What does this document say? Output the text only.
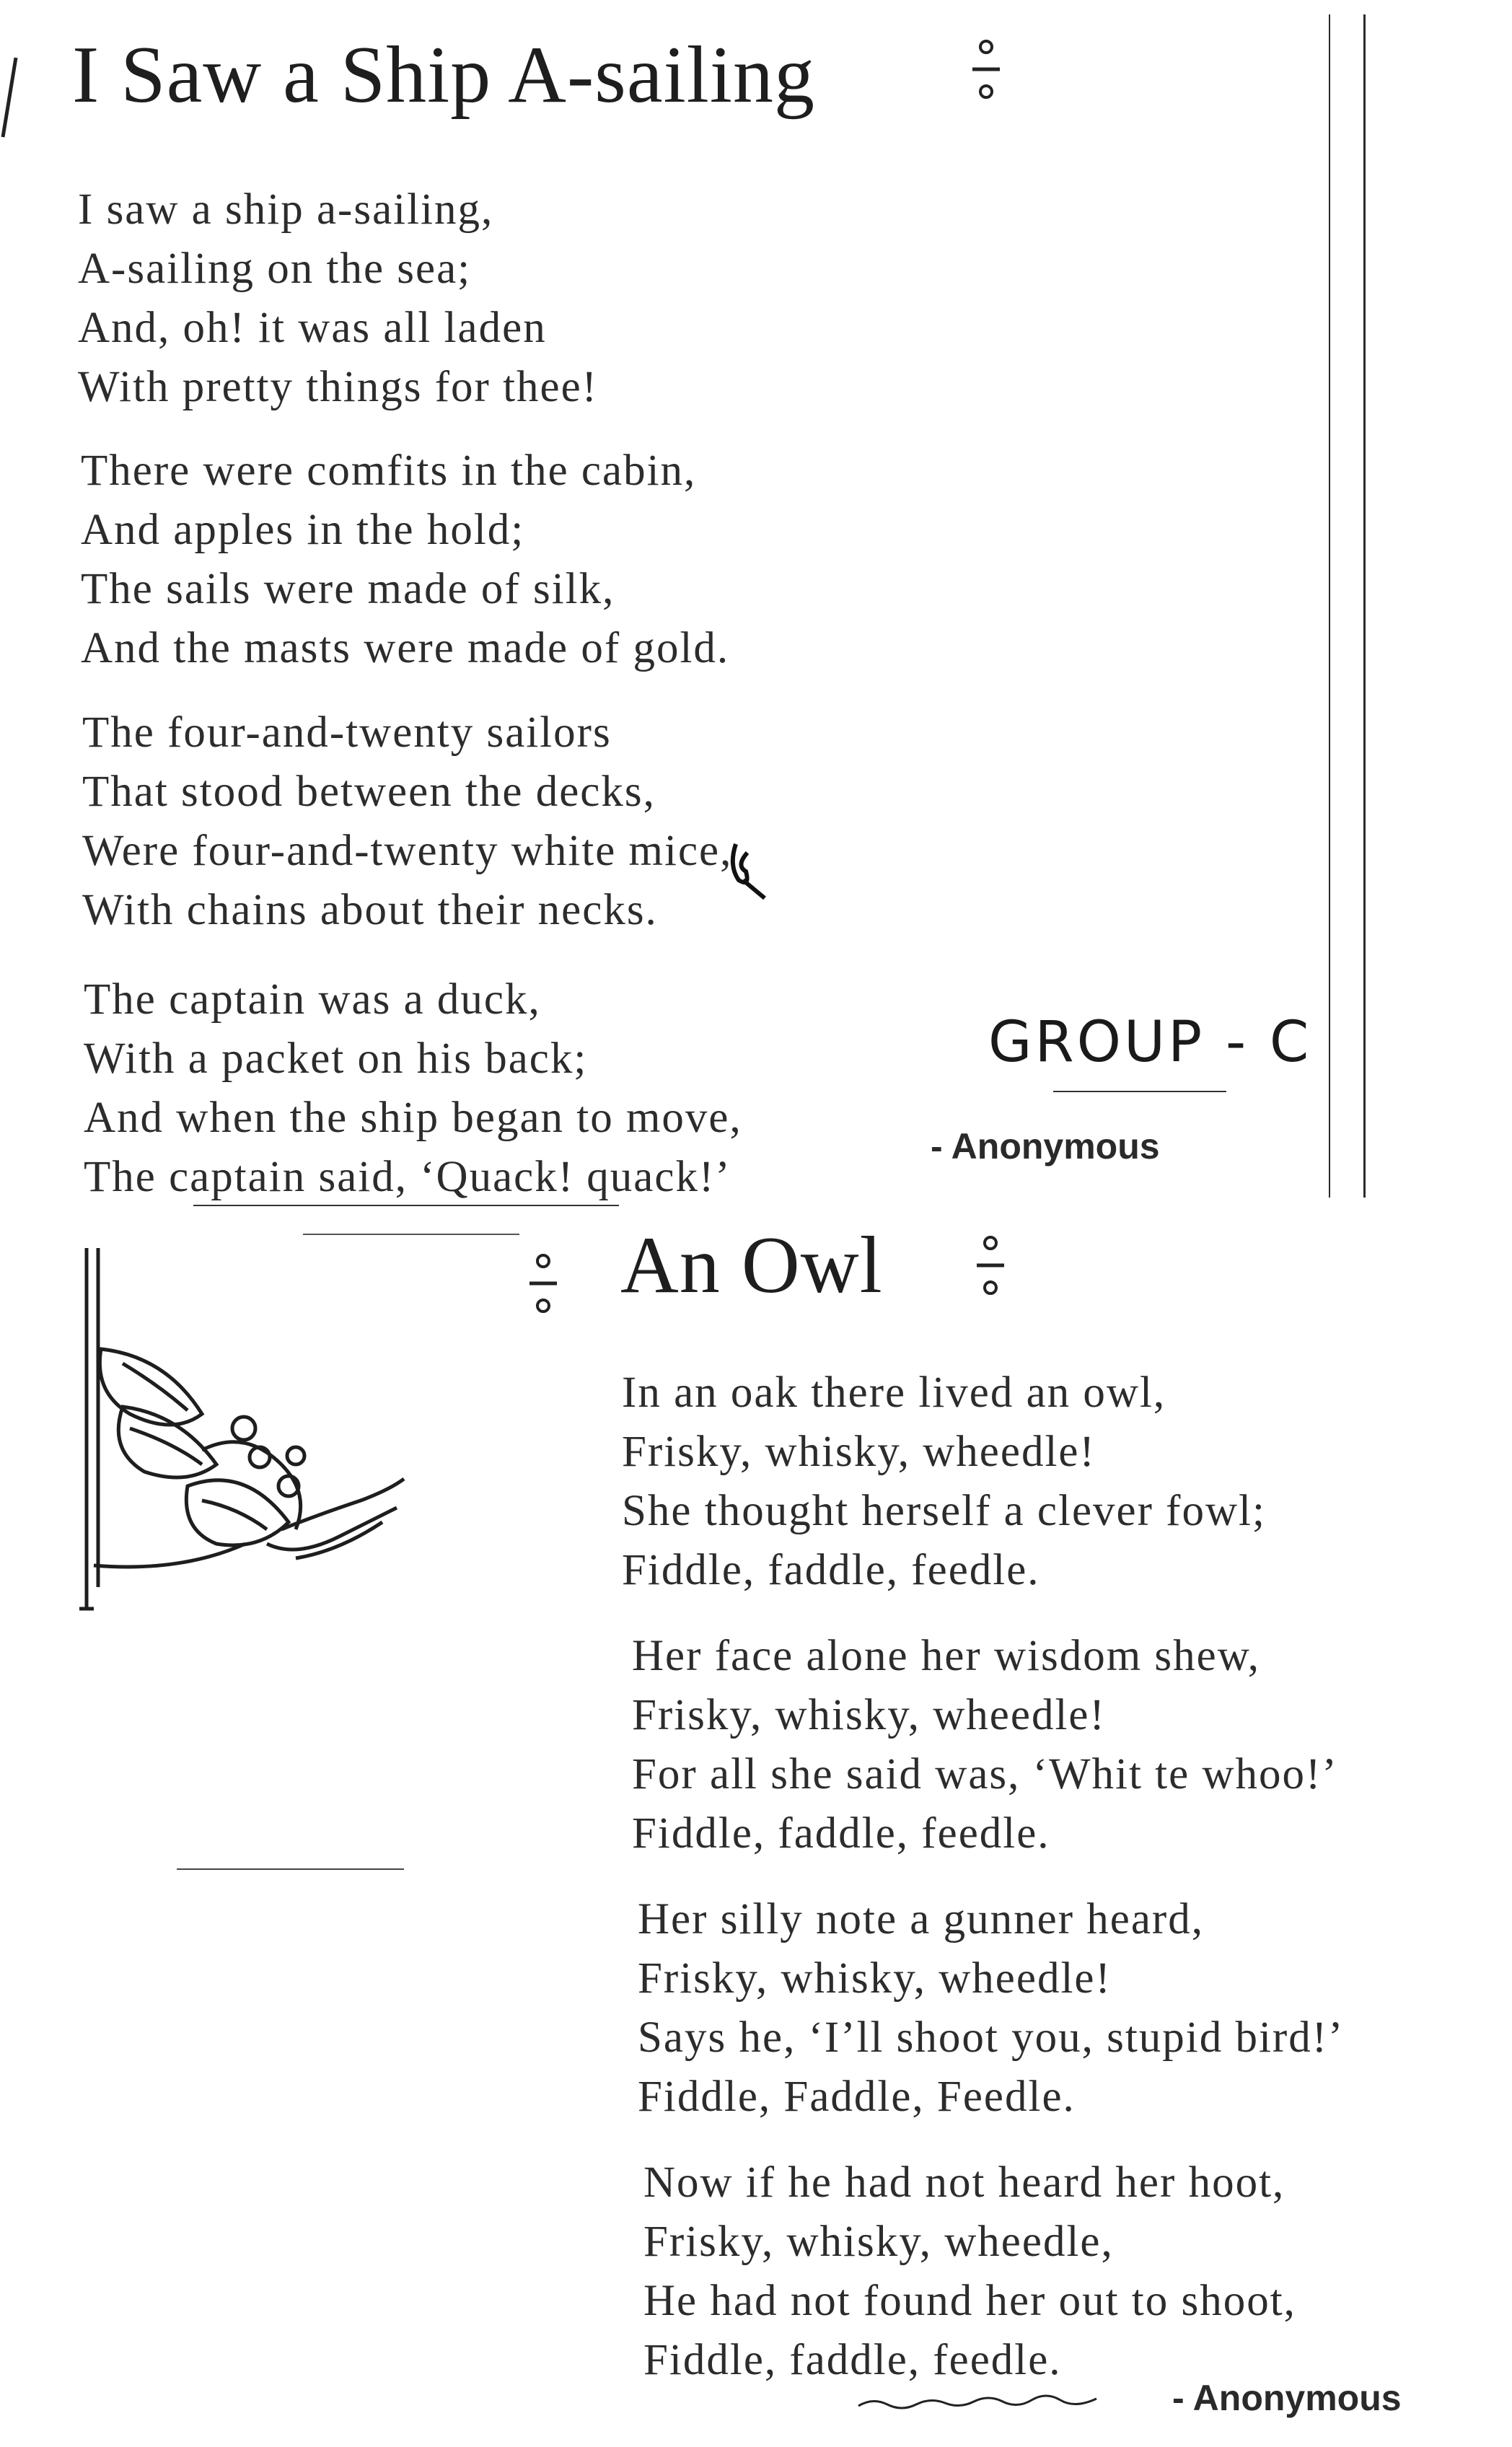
I Saw a Ship A-sailing
I saw a ship a-sailing,
A-sailing on the sea;
And, oh! it was all laden
With pretty things for thee!
There were comfits in the cabin,
And apples in the hold;
The sails were made of silk,
And the masts were made of gold.
The four-and-twenty sailors
That stood between the decks,
Were four-and-twenty white mice,
With chains about their necks.
The captain was a duck,
With a packet on his back;
And when the ship began to move,
The captain said, ‘Quack! quack!’
GROUP - C
- Anonymous
An Owl
In an oak there lived an owl,
Frisky, whisky, wheedle!
She thought herself a clever fowl;
Fiddle, faddle, feedle.
Her face alone her wisdom shew,
Frisky, whisky, wheedle!
For all she said was, ‘Whit te whoo!’
Fiddle, faddle, feedle.
Her silly note a gunner heard,
Frisky, whisky, wheedle!
Says he, ‘I’ll shoot you, stupid bird!’
Fiddle, Faddle, Feedle.
Now if he had not heard her hoot,
Frisky, whisky, wheedle,
He had not found her out to shoot,
Fiddle, faddle, feedle.
- Anonymous
